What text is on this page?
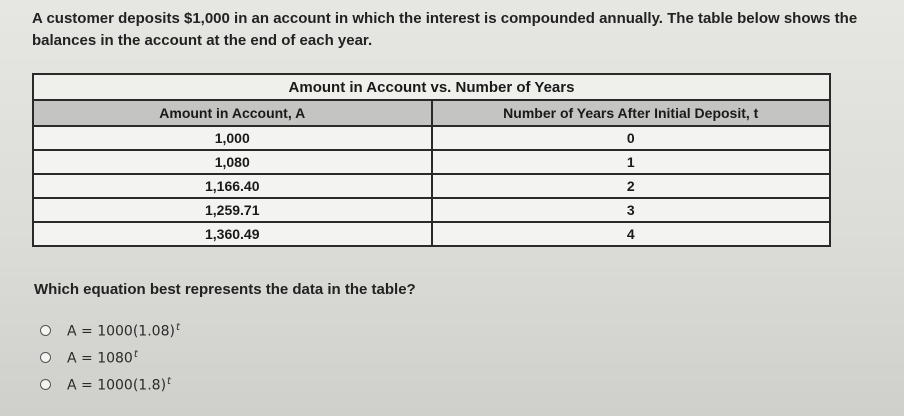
A customer deposits $1,000 in an account in which the interest is compounded annually. The table below shows the balances in the account at the end of each year.
Amount in Account vs. Number of Years	
Amount in Account, A	Number of Years After Initial Deposit, t
1,000	0
1,080	1
1,166.40	2
1,259.71	3
1,360.49	4
Which equation best represents the data in the table?
$A = 1000(1.08)^t$
$A = 1080^t$
$A = 1000(1.8)^t$
